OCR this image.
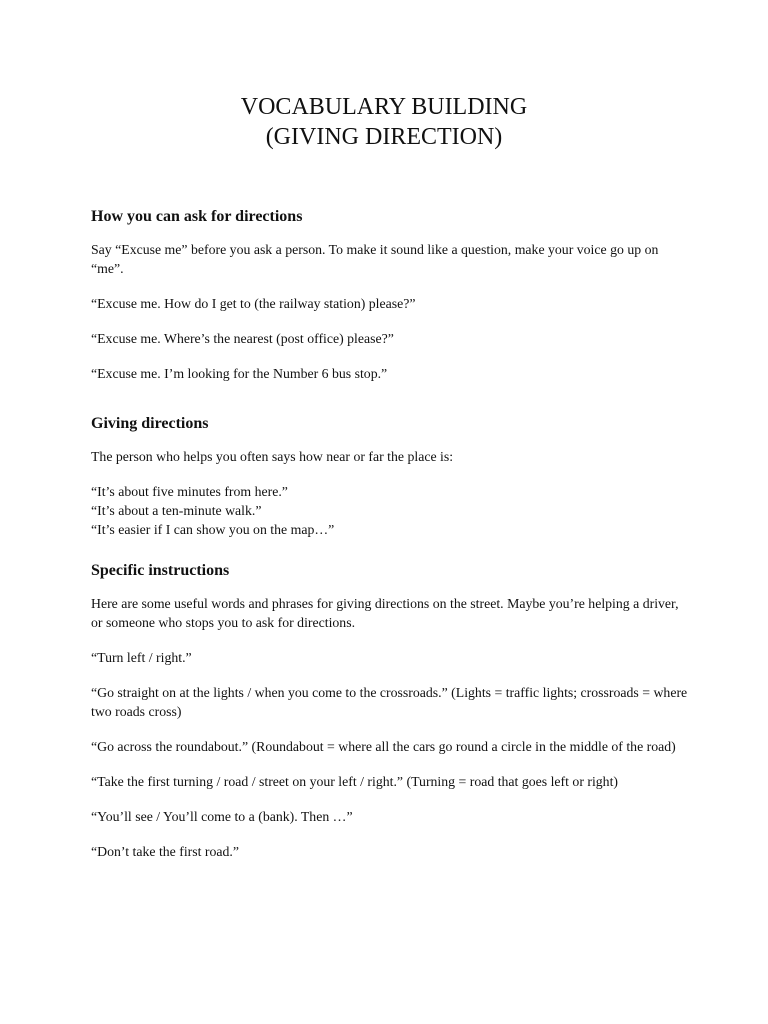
VOCABULARY BUILDING
(GIVING DIRECTION)
How you can ask for directions

Say “Excuse me” before you ask a person. To make it sound like a question, make your voice go up on “me”.

“Excuse me. How do I get to (the railway station) please?”

“Excuse me. Where’s the nearest (post office) please?”

“Excuse me. I’m looking for the Number 6 bus stop.”

Giving directions

The person who helps you often says how near or far the place is:

“It’s about five minutes from here.”

“It’s about a ten-minute walk.”

“It’s easier if I can show you on the map…”

Specific instructions

Here are some useful words and phrases for giving directions on the street. Maybe you’re helping a driver, or someone who stops you to ask for directions.

“Turn left / right.”

“Go straight on at the lights / when you come to the crossroads.” (Lights = traffic lights; crossroads = where two roads cross)

“Go across the roundabout.” (Roundabout = where all the cars go round a circle in the middle of the road)

“Take the first turning / road / street on your left / right.” (Turning = road that goes left or right)

“You’ll see / You’ll come to a (bank). Then …”

“Don’t take the first road.”
